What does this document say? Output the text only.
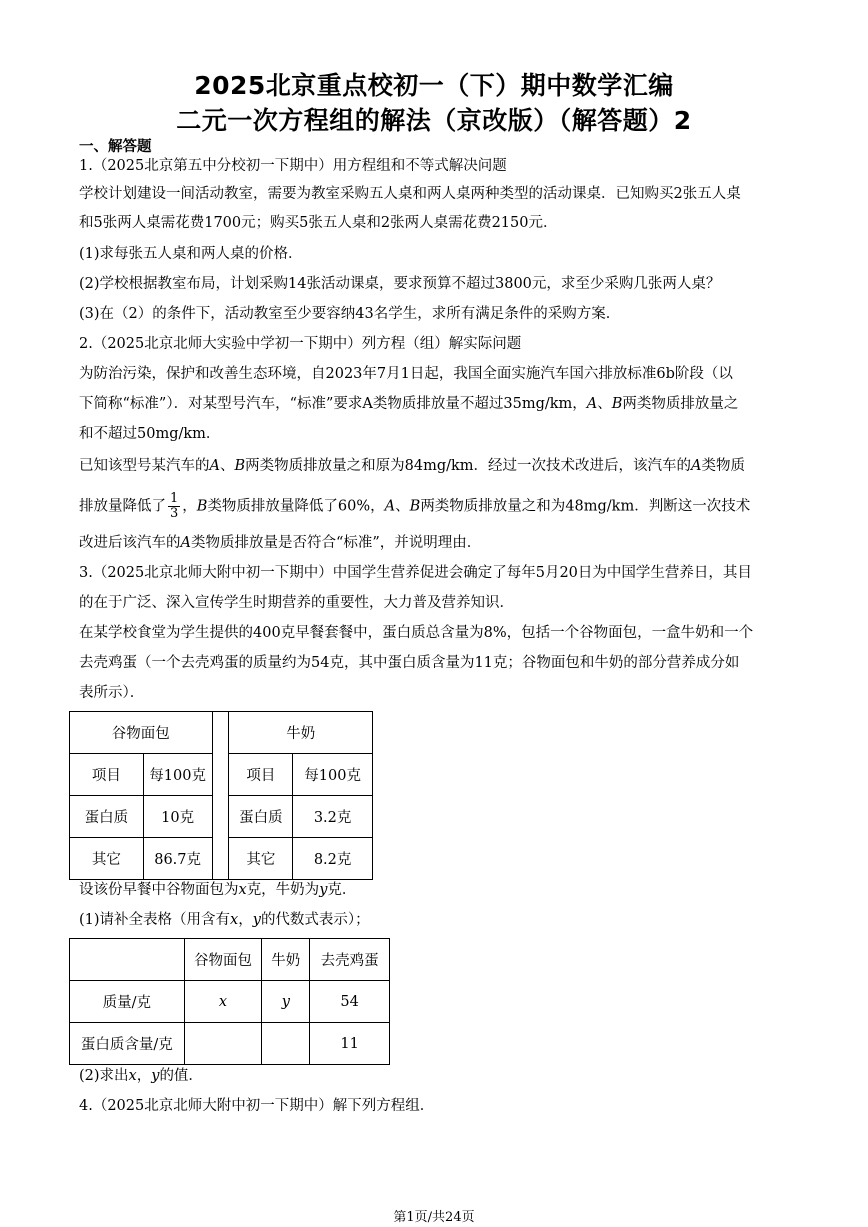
2025北京重点校初一（下）期中数学汇编
二元一次方程组的解法（京改版）（解答题）2
一、解答题
1.（2025北京第五中分校初一下期中）用方程组和不等式解决问题
学校计划建设一间活动教室，需要为教室采购五人桌和两人桌两种类型的活动课桌．已知购买2张五人桌
和5张两人桌需花费1700元；购买5张五人桌和2张两人桌需花费2150元．
(1)求每张五人桌和两人桌的价格．
(2)学校根据教室布局，计划采购14张活动课桌，要求预算不超过3800元，求至少采购几张两人桌？
(3)在（2）的条件下，活动教室至少要容纳43名学生，求所有满足条件的采购方案．
2.（2025北京北师大实验中学初一下期中）列方程（组）解实际问题
为防治污染，保护和改善生态环境，自2023年7月1日起，我国全面实施汽车国六排放标准6b阶段（以
下简称“标准”）．对某型号汽车，“标准”要求A类物质排放量不超过35mg/km，A、B两类物质排放量之
和不超过50mg/km．
已知该型号某汽车的A、B两类物质排放量之和原为84mg/km．经过一次技术改进后，该汽车的A类物质
排放量降低了 $\frac{1}{3}$ ，B类物质排放量降低了60%，A、B两类物质排放量之和为48mg/km．判断这一次技术
改进后该汽车的A类物质排放量是否符合“标准”，并说明理由．
3.（2025北京北师大附中初一下期中）中国学生营养促进会确定了每年5月20日为中国学生营养日，其目
的在于广泛、深入宣传学生时期营养的重要性，大力普及营养知识．
在某学校食堂为学生提供的400克早餐套餐中，蛋白质总含量为8%，包括一个谷物面包，一盒牛奶和一个
去壳鸡蛋（一个去壳鸡蛋的质量约为54克，其中蛋白质含量为11克；谷物面包和牛奶的部分营养成分如
表所示）．
谷物面包			牛奶	
项目	每100克		项目	每100克
蛋白质	10克		蛋白质	3.2克
其它	86.7克		其它	8.2克
设该份早餐中谷物面包为x克，牛奶为y克．
(1)请补全表格（用含有x，y的代数式表示）；
	谷物面包	牛奶	去壳鸡蛋
质量/克	x	y	54
蛋白质含量/克			11
(2)求出x，y的值．
4.（2025北京北师大附中初一下期中）解下列方程组．
第1页/共24页
